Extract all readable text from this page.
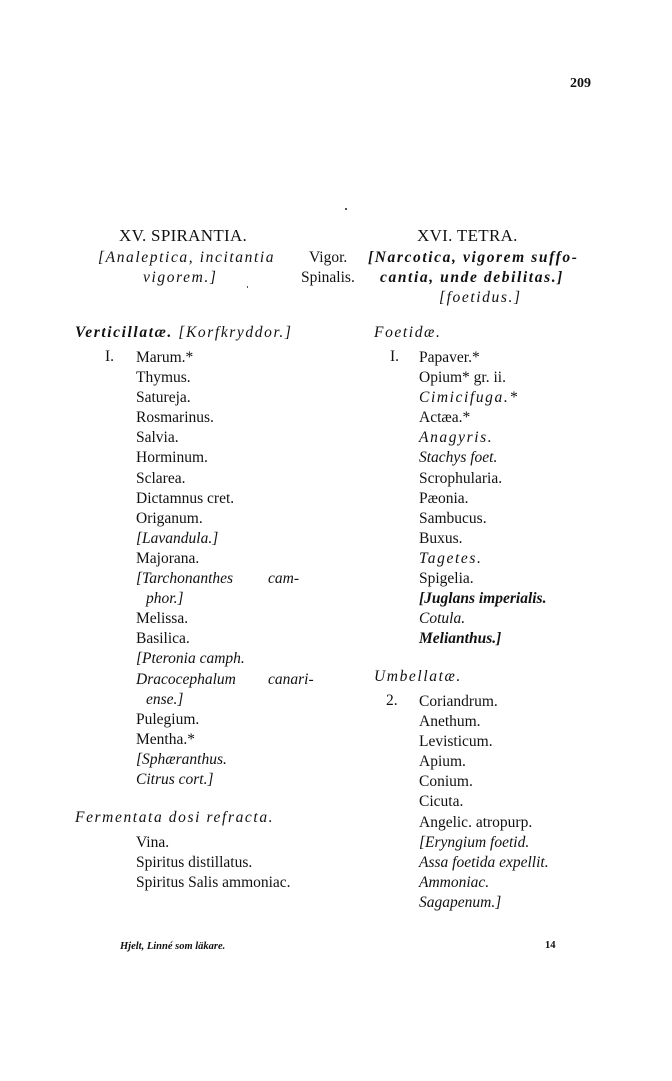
209
XV. SPIRANTIA.
[Analeptica, incitantia
vigorem.]
Vigor.
Spinalis.
XVI. TETRA.
[Narcotica, vigorem suffo-
cantia, unde debilitas.]
[foetidus.]
Verticillatæ. [Korfkryddor.]
I. Marum.*
Thymus.
Satureja.
Rosmarinus.
Salvia.
Horminum.
Sclarea.
Dictamnus cret.
Origanum.
[Lavandula.]
Majorana.
[Tarchonanthes cam-
phor.]
Melissa.
Basilica.
[Pteronia camph.
Dracocephalum canari-
ense.]
Pulegium.
Mentha.*
[Sphæranthus.
Citrus cort.]
Fermentata dosi refracta.
Vina.
Spiritus distillatus.
Spiritus Salis ammoniac.
Foetidæ.
I. Papaver.*
Opium* gr. ii.
Cimicifuga.*
Actæa.*
Anagyris.
Stachys foet.
Scrophularia.
Pæonia.
Sambucus.
Buxus.
Tagetes.
Spigelia.
[Juglans imperialis.
Cotula.
Melianthus.]
Umbellatæ.
2. Coriandrum.
Anethum.
Levisticum.
Apium.
Conium.
Cicuta.
Angelic. atropurp.
[Eryngium foetid.
Assa foetida expellit.
Ammoniac.
Sagapenum.]
Hjelt, Linné som läkare.	14
